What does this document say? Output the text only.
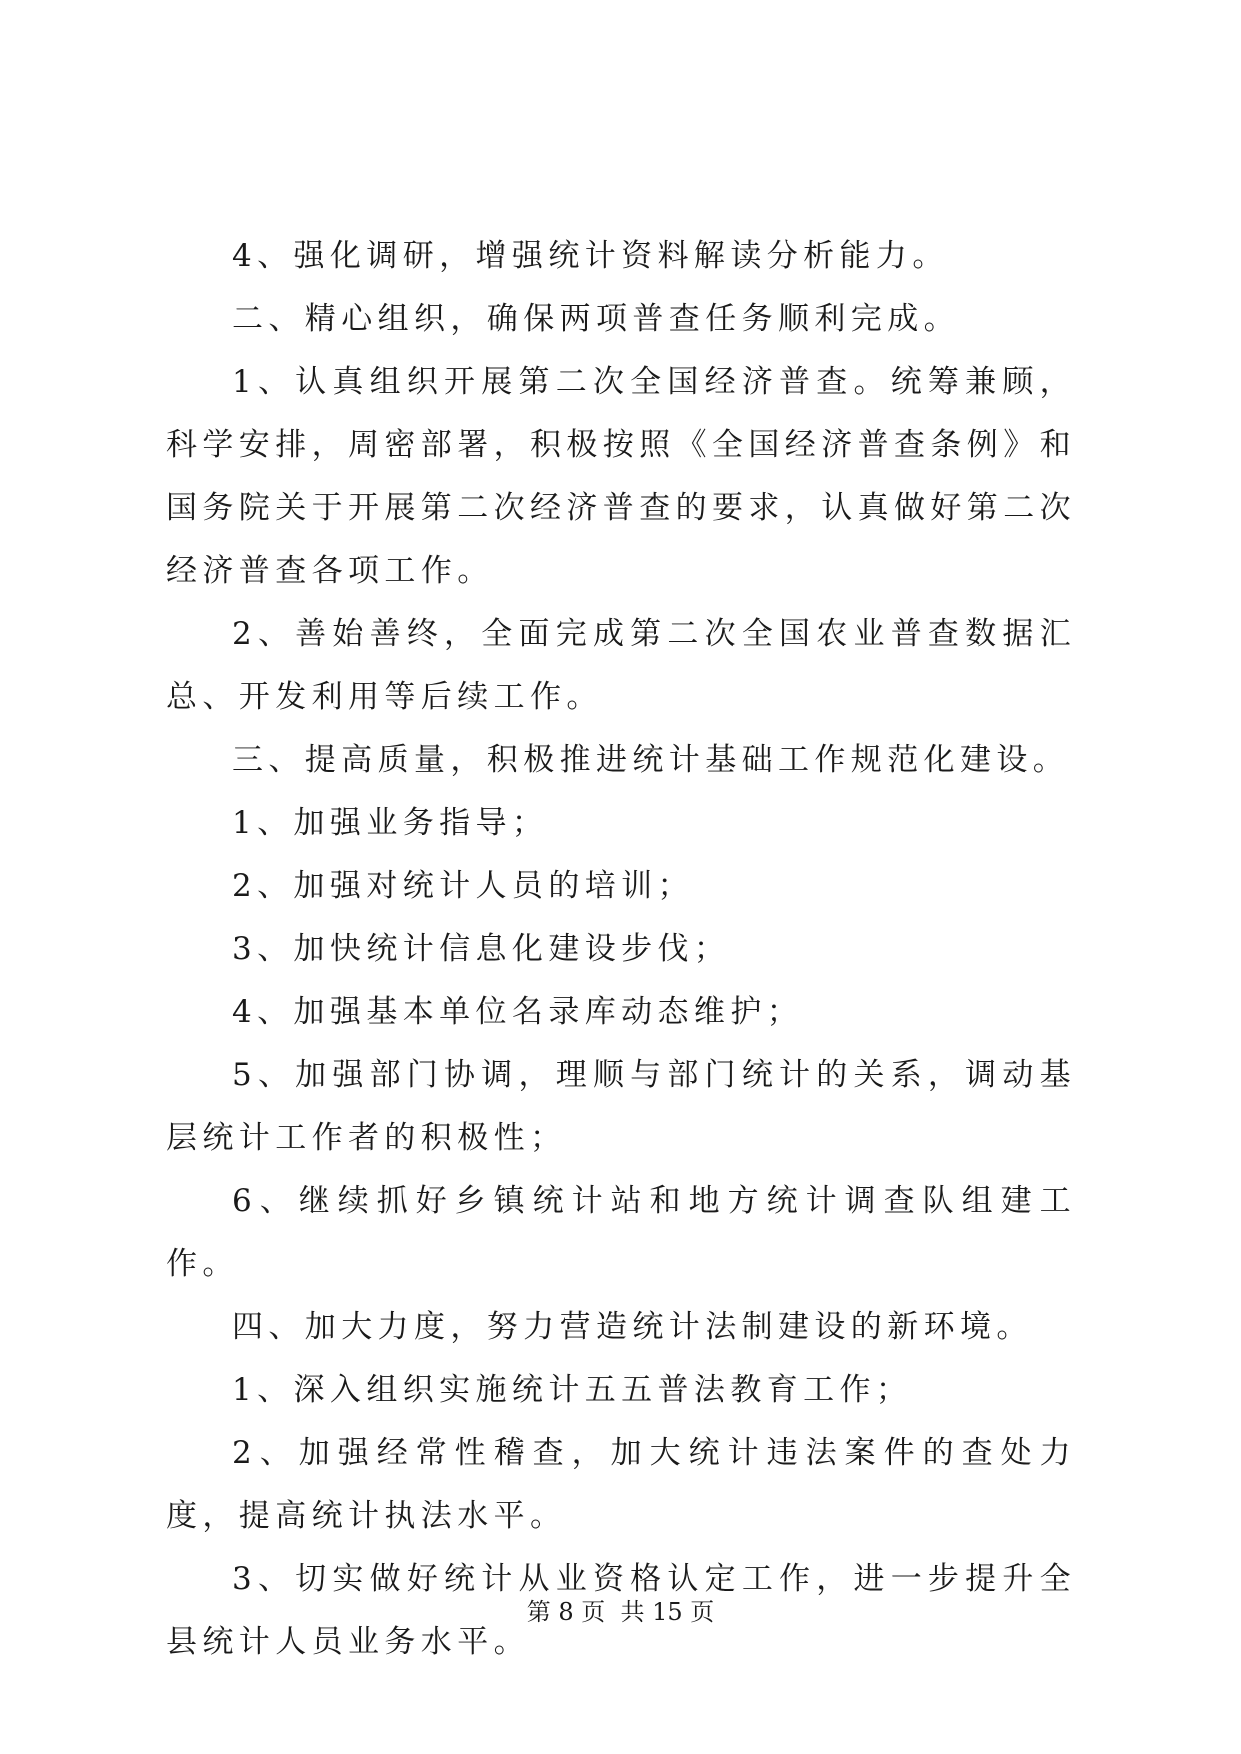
4、强化调研，增强统计资料解读分析能力。

二、精心组织，确保两项普查任务顺利完成。

1、认真组织开展第二次全国经济普查。统筹兼顾，科学安排，周密部署，积极按照《全国经济普查条例》和国务院关于开展第二次经济普查的要求，认真做好第二次经济普查各项工作。

2、善始善终，全面完成第二次全国农业普查数据汇总、开发利用等后续工作。

三、提高质量，积极推进统计基础工作规范化建设。

1、加强业务指导；

2、加强对统计人员的培训；

3、加快统计信息化建设步伐；

4、加强基本单位名录库动态维护；

5、加强部门协调，理顺与部门统计的关系，调动基层统计工作者的积极性；

6、继续抓好乡镇统计站和地方统计调查队组建工作。

四、加大力度，努力营造统计法制建设的新环境。

1、深入组织实施统计五五普法教育工作；

2、加强经常性稽查，加大统计违法案件的查处力度，提高统计执法水平。

3、切实做好统计从业资格认定工作，进一步提升全县统计人员业务水平。

第 8 页  共 15 页
